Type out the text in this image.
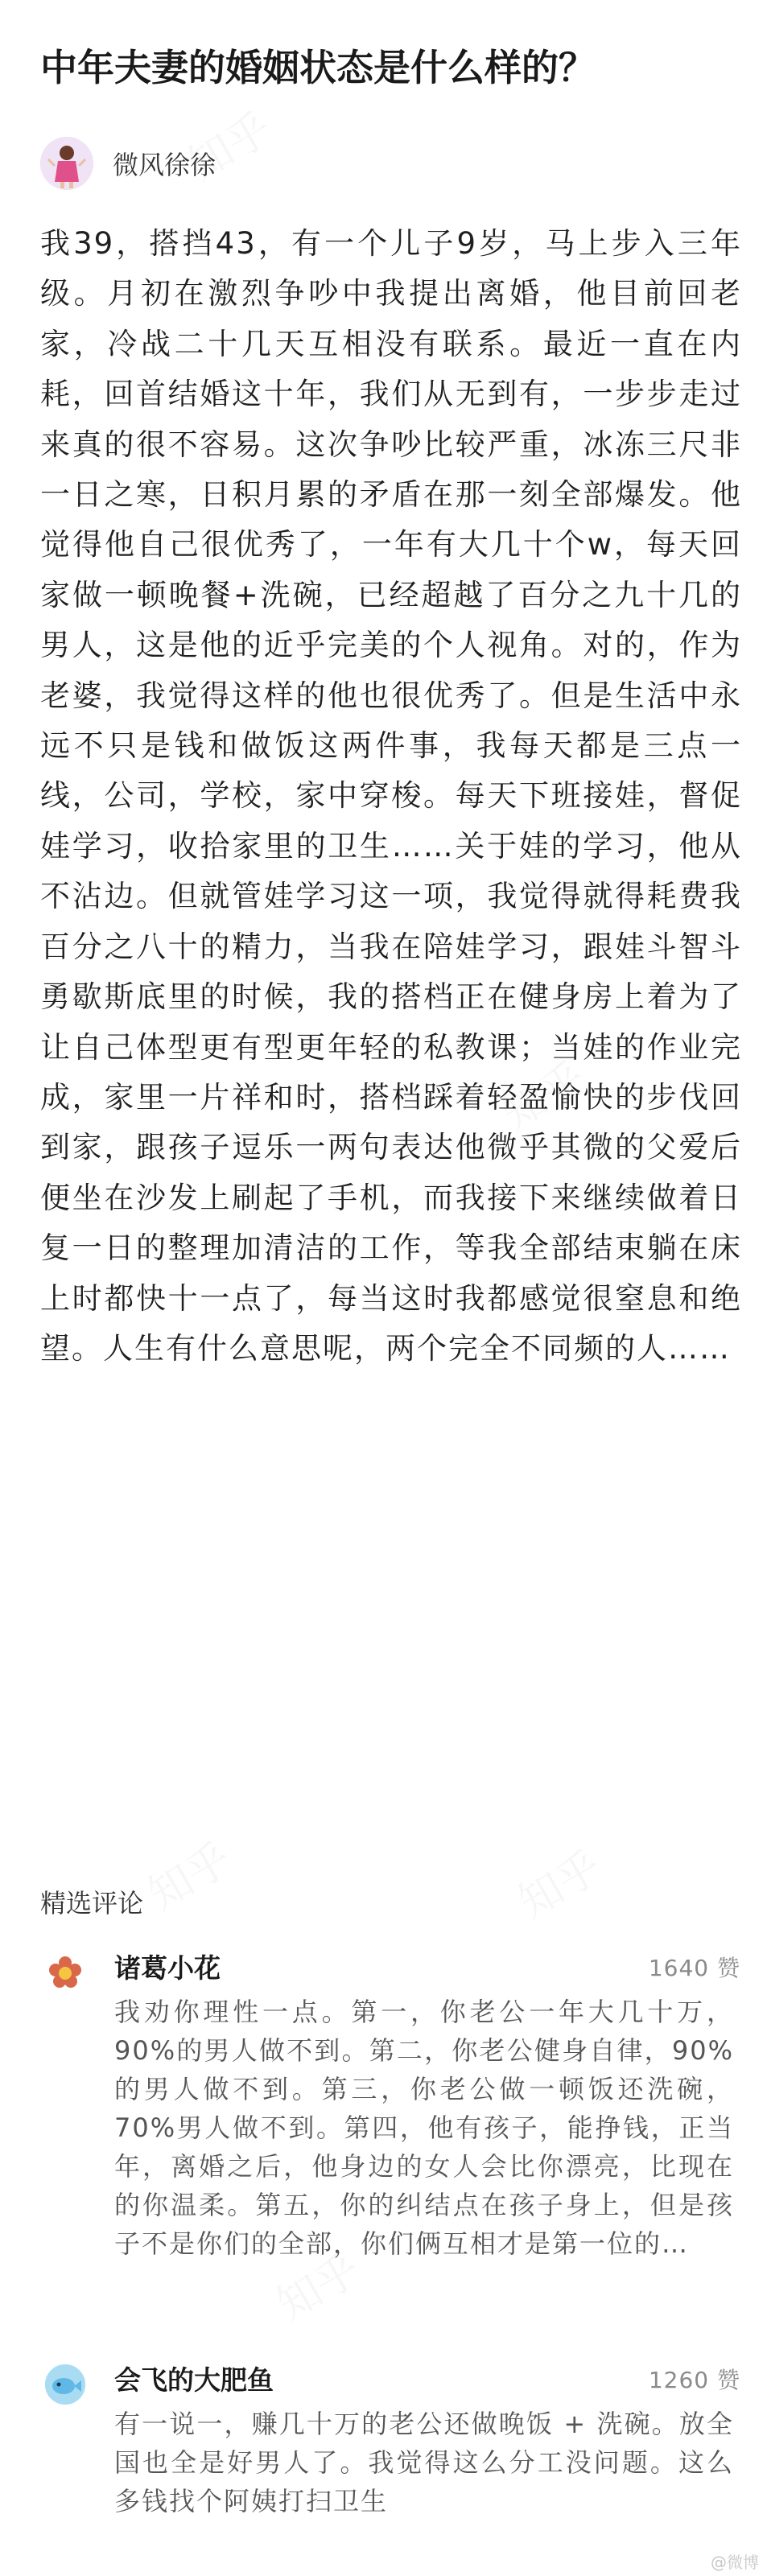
中年夫妻的婚姻状态是什么样的？
微风徐徐
我39，搭挡43，有一个儿子9岁，马上步入三年级。月初在激烈争吵中我提出离婚，他目前回老家，冷战二十几天互相没有联系。最近一直在内耗，回首结婚这十年，我们从无到有，一步步走过来真的很不容易。这次争吵比较严重，冰冻三尺非一日之寒，日积月累的矛盾在那一刻全部爆发。他觉得他自己很优秀了，一年有大几十个w，每天回家做一顿晚餐+洗碗，已经超越了百分之九十几的男人，这是他的近乎完美的个人视角。对的，作为老婆，我觉得这样的他也很优秀了。但是生活中永远不只是钱和做饭这两件事，我每天都是三点一线，公司，学校，家中穿梭。每天下班接娃，督促娃学习，收拾家里的卫生……关于娃的学习，他从不沾边。但就管娃学习这一项，我觉得就得耗费我百分之八十的精力，当我在陪娃学习，跟娃斗智斗勇歇斯底里的时候，我的搭档正在健身房上着为了让自己体型更有型更年轻的私教课；当娃的作业完成，家里一片祥和时，搭档踩着轻盈愉快的步伐回到家，跟孩子逗乐一两句表达他微乎其微的父爱后便坐在沙发上刷起了手机，而我接下来继续做着日复一日的整理加清洁的工作，等我全部结束躺在床上时都快十一点了，每当这时我都感觉很窒息和绝望。人生有什么意思呢，两个完全不同频的人……
精选评论
诸葛小花	1640 赞
我劝你理性一点。第一，你老公一年大几十万，90%的男人做不到。第二，你老公健身自律，90%的男人做不到。第三，你老公做一顿饭还洗碗，70%男人做不到。第四，他有孩子，能挣钱，正当年，离婚之后，他身边的女人会比你漂亮，比现在的你温柔。第五，你的纠结点在孩子身上，但是孩子不是你们的全部，你们俩互相才是第一位的…
会飞的大肥鱼	1260 赞
有一说一，赚几十万的老公还做晚饭 + 洗碗。放全国也全是好男人了。我觉得这么分工没问题。这么多钱找个阿姨打扫卫生
@微博
